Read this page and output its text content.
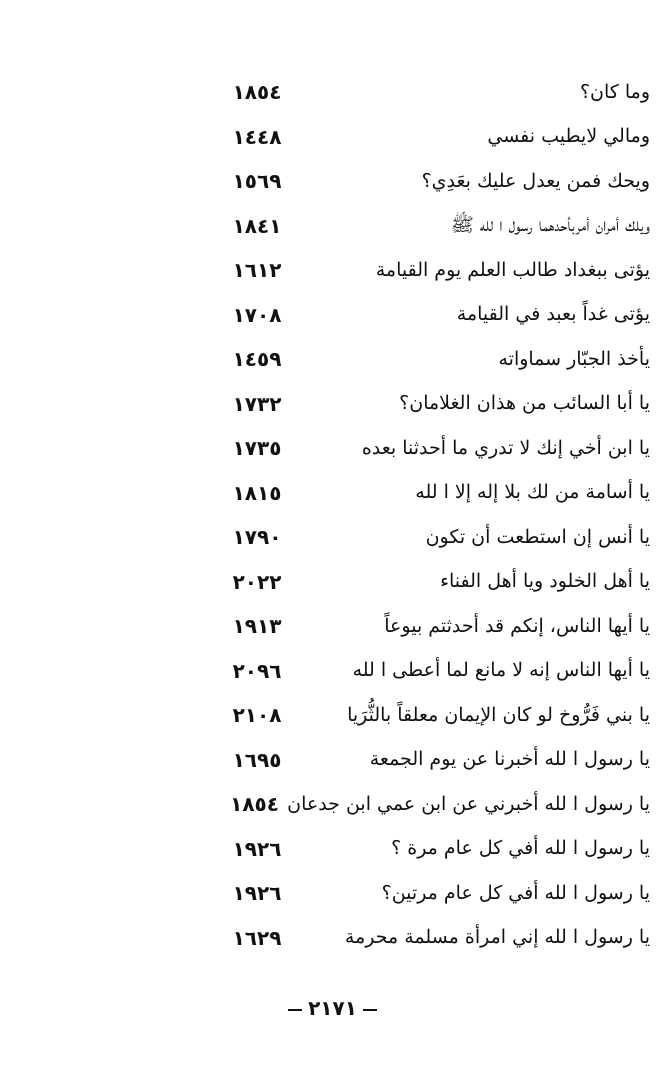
وما كان؟
١٨٥٤
ومالي لايطيب نفسي
١٤٤٨
ويحك فمن يعدل عليك بعَدِي؟
١٥٦٩
ويلك أمران أمربأحدهما رسول ا لله ﷺ
١٨٤١
يؤتى ببغداد طالب العلم يوم القيامة
١٦١٢
يؤتى غداً بعبد في القيامة
١٧٠٨
يأخذ الجبّار سماواته
١٤٥٩
يا أبا السائب من هذان الغلامان؟
١٧٣٢
يا ابن أخي إنك لا تدري ما أحدثنا بعده
١٧٣٥
يا أسامة من لك بلا إله إلا ا لله
١٨١٥
يا أنس إن استطعت أن تكون
١٧٩٠
يا أهل الخلود ويا أهل الفناء
٢٠٢٢
يا أيها الناس، إنكم قد أحدثتم بيوعاً
١٩١٣
يا أيها الناس إنه لا مانع لما أعطى ا لله
٢٠٩٦
يا بني فَرُّوخ لو كان الإيمان معلقاً بالثُّرَيا
٢١٠٨
يا رسول ا لله أخبرنا عن يوم الجمعة
١٦٩٥
يا رسول ا لله أخبرني عن ابن عمي ابن جدعان
١٨٥٤
يا رسول ا لله أفي كل عام مرة ؟
١٩٢٦
يا رسول ا لله أفي كل عام مرتين؟
١٩٢٦
يا رسول ا لله إني امرأة مسلمة محرمة
١٦٢٩
٢١٧١
